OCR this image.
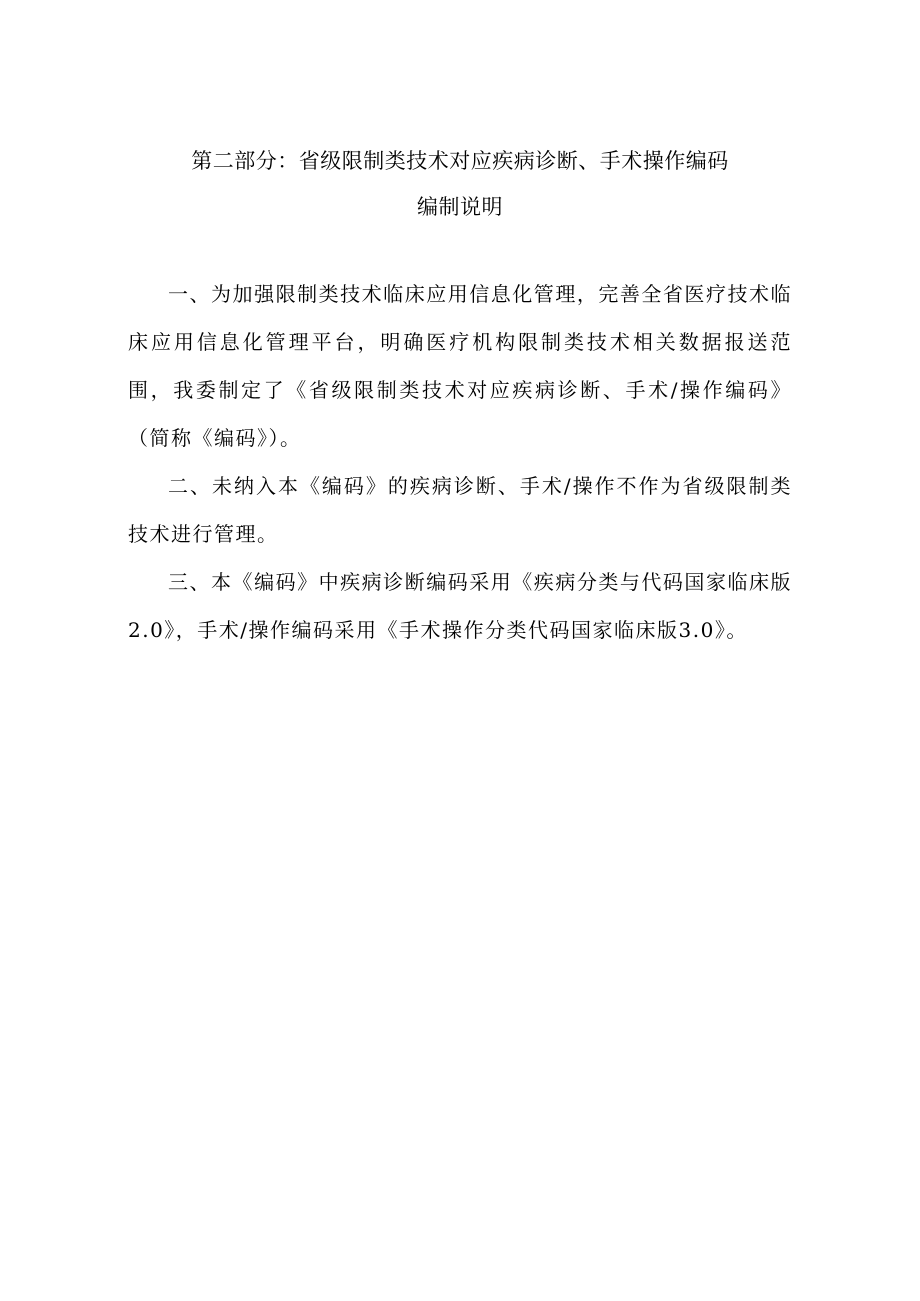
第二部分：省级限制类技术对应疾病诊断、手术操作编码
编制说明

一、为加强限制类技术临床应用信息化管理，完善全省医疗技术临床应用信息化管理平台，明确医疗机构限制类技术相关数据报送范围，我委制定了《省级限制类技术对应疾病诊断、手术/操作编码》（简称《编码》）。

二、未纳入本《编码》的疾病诊断、手术/操作不作为省级限制类技术进行管理。

三、本《编码》中疾病诊断编码采用《疾病分类与代码国家临床版2.0》，手术/操作编码采用《手术操作分类代码国家临床版3.0》。
